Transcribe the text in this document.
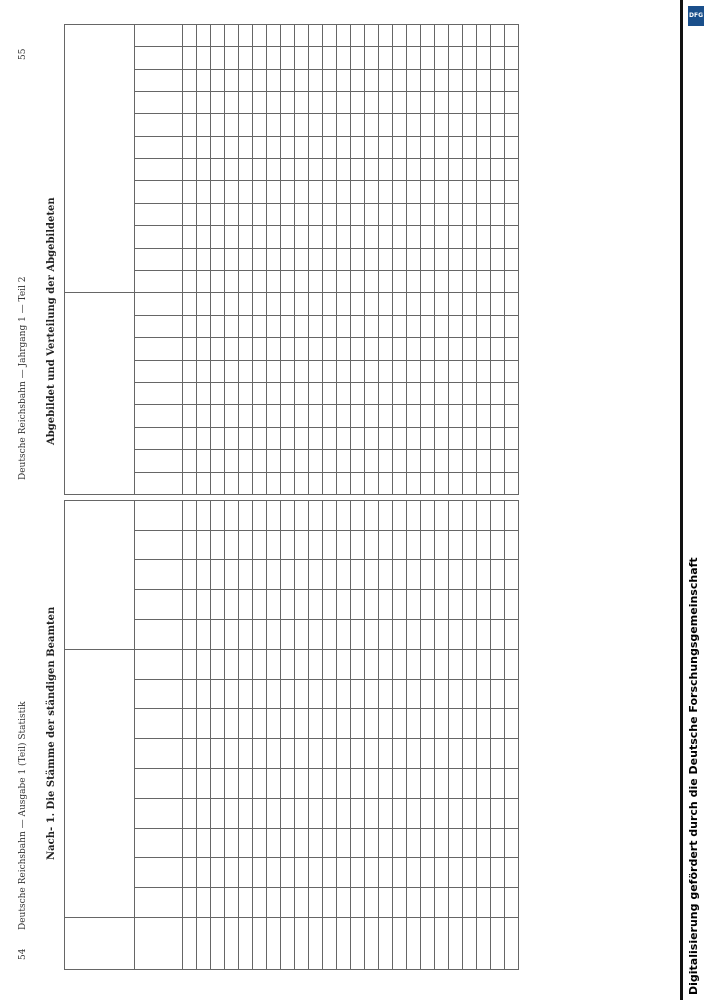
54
Deutsche Reichsbahn — Ausgabe 1 (Teil) Statistik
Deutsche Reichsbahn — Jahrgang 1 — Teil 2
55
Nach- 1. Die Stämme der ständigen Beamten
Abgebildet und Verteilung der Abgebildeten

DFG
Digitalisierung gefördert durch die Deutsche Forschungsgemeinschaft
